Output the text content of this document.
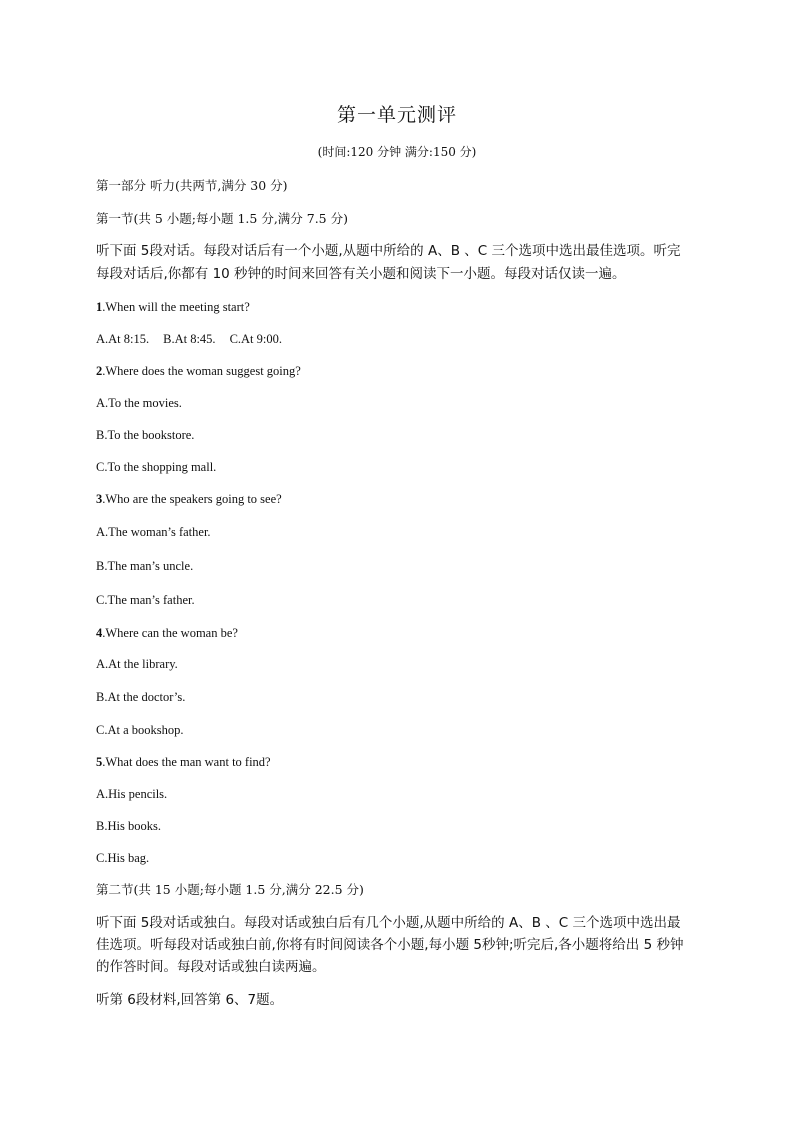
第一单元测评
(时间:120 分钟 满分:150 分)
第一部分 听力(共两节,满分 30 分)
第一节(共 5 小题;每小题 1.5 分,满分 7.5 分)
听下面 5段对话。每段对话后有一个小题,从题中所给的 A、B 、C 三个选项中选出最佳选项。听完
每段对话后,你都有 10 秒钟的时间来回答有关小题和阅读下一小题。每段对话仅读一遍。
1.When will the meeting start?
A.At 8:15. B.At 8:45. C.At 9:00.
2.Where does the woman suggest going?
A.To the movies.
B.To the bookstore.
C.To the shopping mall.
3.Who are the speakers going to see?
A.The woman’s father.
B.The man’s uncle.
C.The man’s father.
4.Where can the woman be?
A.At the library.
B.At the doctor’s.
C.At a bookshop.
5.What does the man want to find?
A.His pencils.
B.His books.
C.His bag.
第二节(共 15 小题;每小题 1.5 分,满分 22.5 分)
听下面 5段对话或独白。每段对话或独白后有几个小题,从题中所给的 A、B 、C 三个选项中选出最
佳选项。听每段对话或独白前,你将有时间阅读各个小题,每小题 5秒钟;听完后,各小题将给出 5 秒钟
的作答时间。每段对话或独白读两遍。
听第 6段材料,回答第 6、7题。
